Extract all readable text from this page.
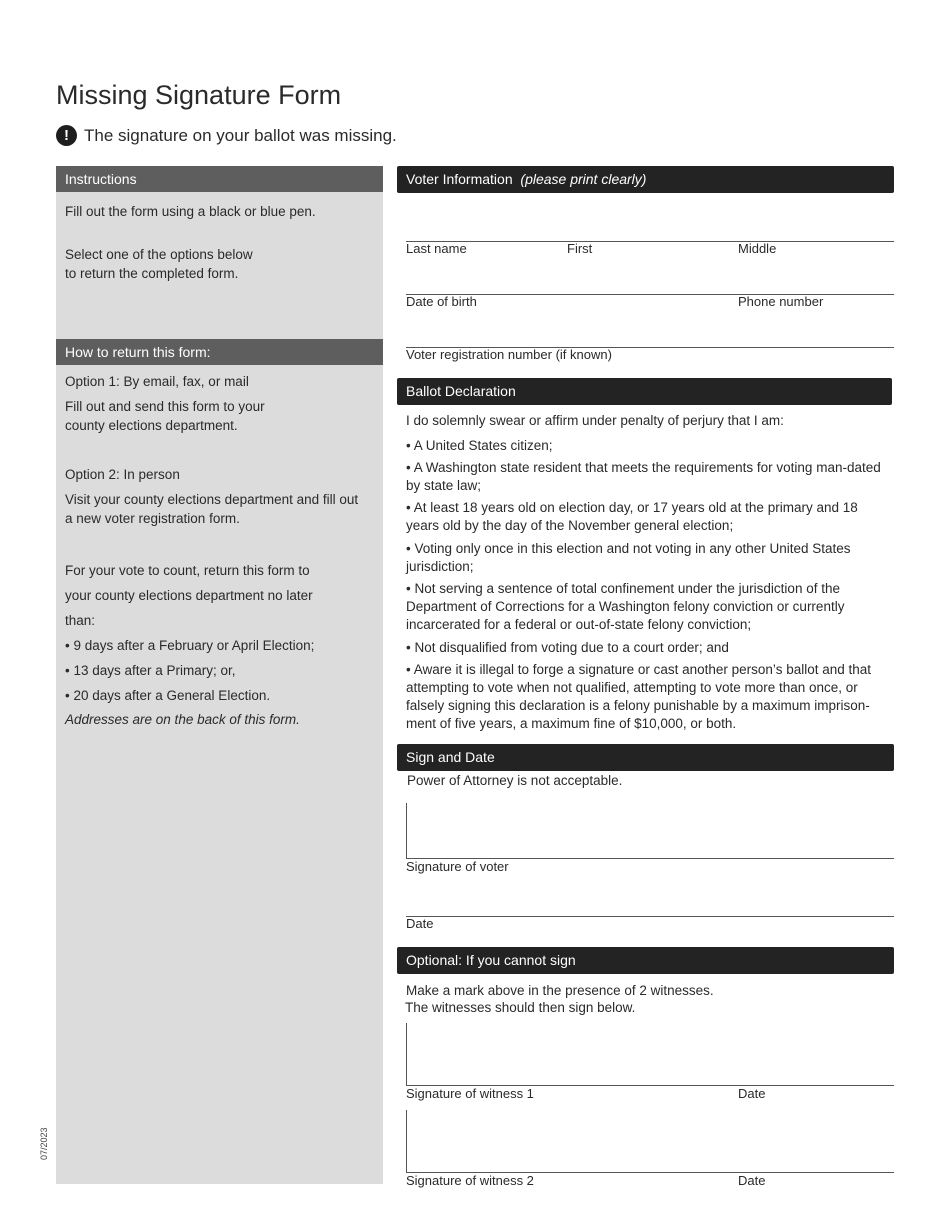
Missing Signature Form
! The signature on your ballot was missing.
Instructions
Fill out the form using a black or blue pen.
Select one of the options below
to return the completed form.
How to return this form:
Option 1: By email, fax, or mail
Fill out and send this form to your
county elections department.
Option 2: In person
Visit your county elections department and fill out
a new voter registration form.
For your vote to count, return this form to
your county elections department no later
than:
• 9 days after a February or April Election;
• 13 days after a Primary; or,
• 20 days after a General Election.
Addresses are on the back of this form.
07/2023
Voter Information (please print clearly)
Last name	First	Middle
Date of birth	Phone number
Voter registration number (if known)
Ballot Declaration
I do solemnly swear or affirm under penalty of perjury that I am:
• A United States citizen;
• A Washington state resident that meets the requirements for voting man-dated by state law;
• At least 18 years old on election day, or 17 years old at the primary and 18 years old by the day of the November general election;
• Voting only once in this election and not voting in any other United States jurisdiction;
• Not serving a sentence of total confinement under the jurisdiction of the Department of Corrections for a Washington felony conviction or currently incarcerated for a federal or out-of-state felony conviction;
• Not disqualified from voting due to a court order; and
• Aware it is illegal to forge a signature or cast another person’s ballot and that attempting to vote when not qualified, attempting to vote more than once, or falsely signing this declaration is a felony punishable by a maximum imprison-ment of five years, a maximum fine of $10,000, or both.
Sign and Date
Power of Attorney is not acceptable.
Signature of voter
Date
Optional: If you cannot sign
Make a mark above in the presence of 2 witnesses.
The witnesses should then sign below.
Signature of witness 1	Date
Signature of witness 2	Date
